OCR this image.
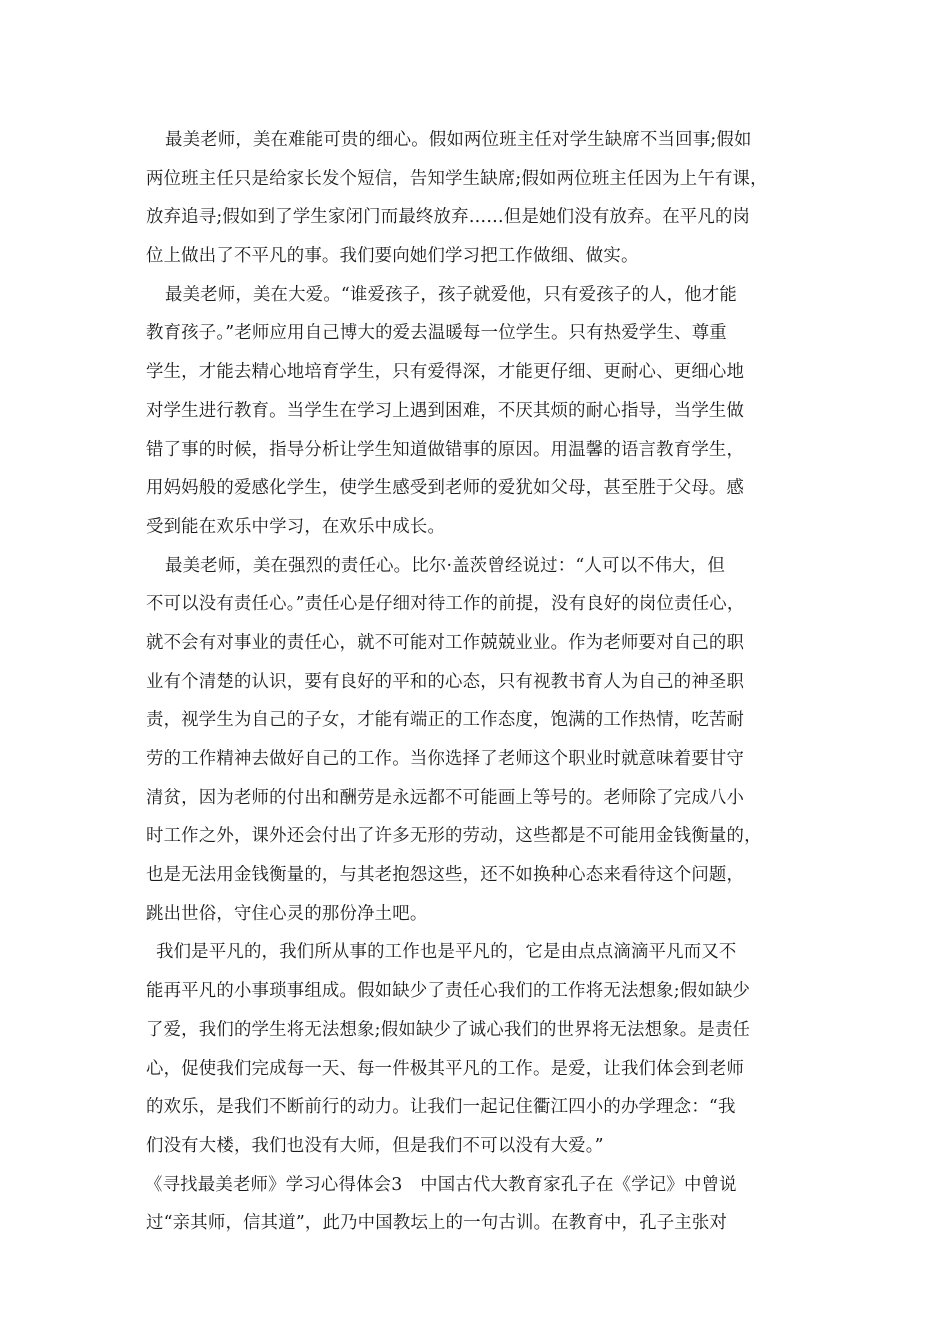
最美老师，美在难能可贵的细心。假如两位班主任对学生缺席不当回事;假如
两位班主任只是给家长发个短信，告知学生缺席;假如两位班主任因为上午有课，
放弃追寻;假如到了学生家闭门而最终放弃……但是她们没有放弃。在平凡的岗
位上做出了不平凡的事。我们要向她们学习把工作做细、做实。
最美老师，美在大爱。“谁爱孩子，孩子就爱他，只有爱孩子的人，他才能
教育孩子。”老师应用自己博大的爱去温暖每一位学生。只有热爱学生、尊重
学生，才能去精心地培育学生，只有爱得深，才能更仔细、更耐心、更细心地
对学生进行教育。当学生在学习上遇到困难，不厌其烦的耐心指导，当学生做
错了事的时候，指导分析让学生知道做错事的原因。用温馨的语言教育学生，
用妈妈般的爱感化学生，使学生感受到老师的爱犹如父母，甚至胜于父母。感
受到能在欢乐中学习，在欢乐中成长。
最美老师，美在强烈的责任心。比尔·盖茨曾经说过：“人可以不伟大，但
不可以没有责任心。”责任心是仔细对待工作的前提，没有良好的岗位责任心，
就不会有对事业的责任心，就不可能对工作兢兢业业。作为老师要对自己的职
业有个清楚的认识，要有良好的平和的心态，只有视教书育人为自己的神圣职
责，视学生为自己的子女，才能有端正的工作态度，饱满的工作热情，吃苦耐
劳的工作精神去做好自己的工作。当你选择了老师这个职业时就意味着要甘守
清贫，因为老师的付出和酬劳是永远都不可能画上等号的。老师除了完成八小
时工作之外，课外还会付出了许多无形的劳动，这些都是不可能用金钱衡量的，
也是无法用金钱衡量的，与其老抱怨这些，还不如换种心态来看待这个问题，
跳出世俗，守住心灵的那份净土吧。
我们是平凡的，我们所从事的工作也是平凡的，它是由点点滴滴平凡而又不
能再平凡的小事琐事组成。假如缺少了责任心我们的工作将无法想象;假如缺少
了爱，我们的学生将无法想象;假如缺少了诚心我们的世界将无法想象。是责任
心，促使我们完成每一天、每一件极其平凡的工作。是爱，让我们体会到老师
的欢乐，是我们不断前行的动力。让我们一起记住衢江四小的办学理念：“我
们没有大楼，我们也没有大师，但是我们不可以没有大爱。”
《寻找最美老师》学习心得体会3　中国古代大教育家孔子在《学记》中曾说
过“亲其师，信其道”，此乃中国教坛上的一句古训。在教育中，孔子主张对
